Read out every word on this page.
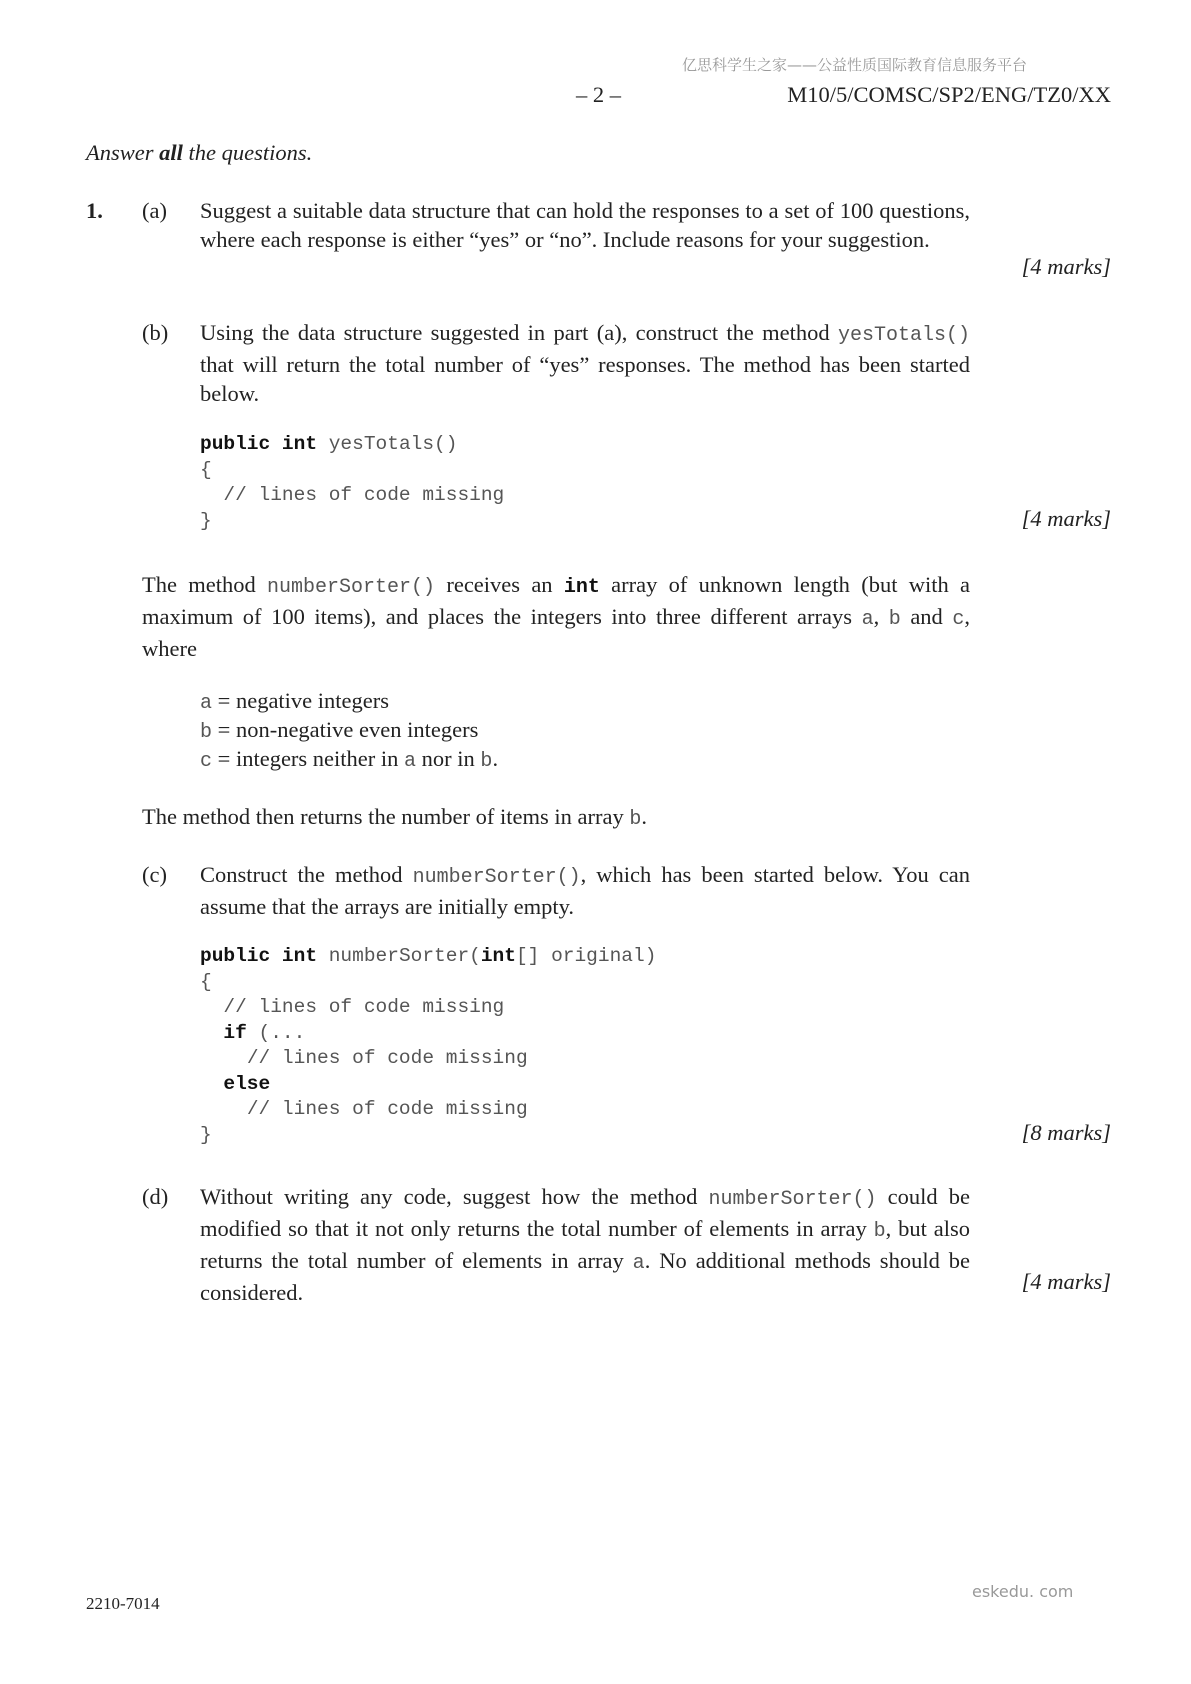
亿思科学生之家——公益性质国际教育信息服务平台
– 2 –	M10/5/COMSC/SP2/ENG/TZ0/XX
Answer all the questions.
1. (a) Suggest a suitable data structure that can hold the responses to a set of 100 questions, where each response is either “yes” or “no”. Include reasons for your suggestion.
[4 marks]
(b) Using the data structure suggested in part (a), construct the method yesTotals() that will return the total number of “yes” responses. The method has been started below.
public int yesTotals()
{
// lines of code missing
}	[4 marks]
The method numberSorter() receives an int array of unknown length (but with a maximum of 100 items), and places the integers into three different arrays a, b and c, where
a = negative integers
b = non-negative even integers
c = integers neither in a nor in b.
The method then returns the number of items in array b.
(c) Construct the method numberSorter(), which has been started below. You can assume that the arrays are initially empty.
public int numberSorter(int[] original)
{
// lines of code missing
if (...
// lines of code missing
else
// lines of code missing
}	[8 marks]
(d) Without writing any code, suggest how the method numberSorter() could be modified so that it not only returns the total number of elements in array b, but also returns the total number of elements in array a. No additional methods should be considered.	[4 marks]
eskedu. com
2210-7014
